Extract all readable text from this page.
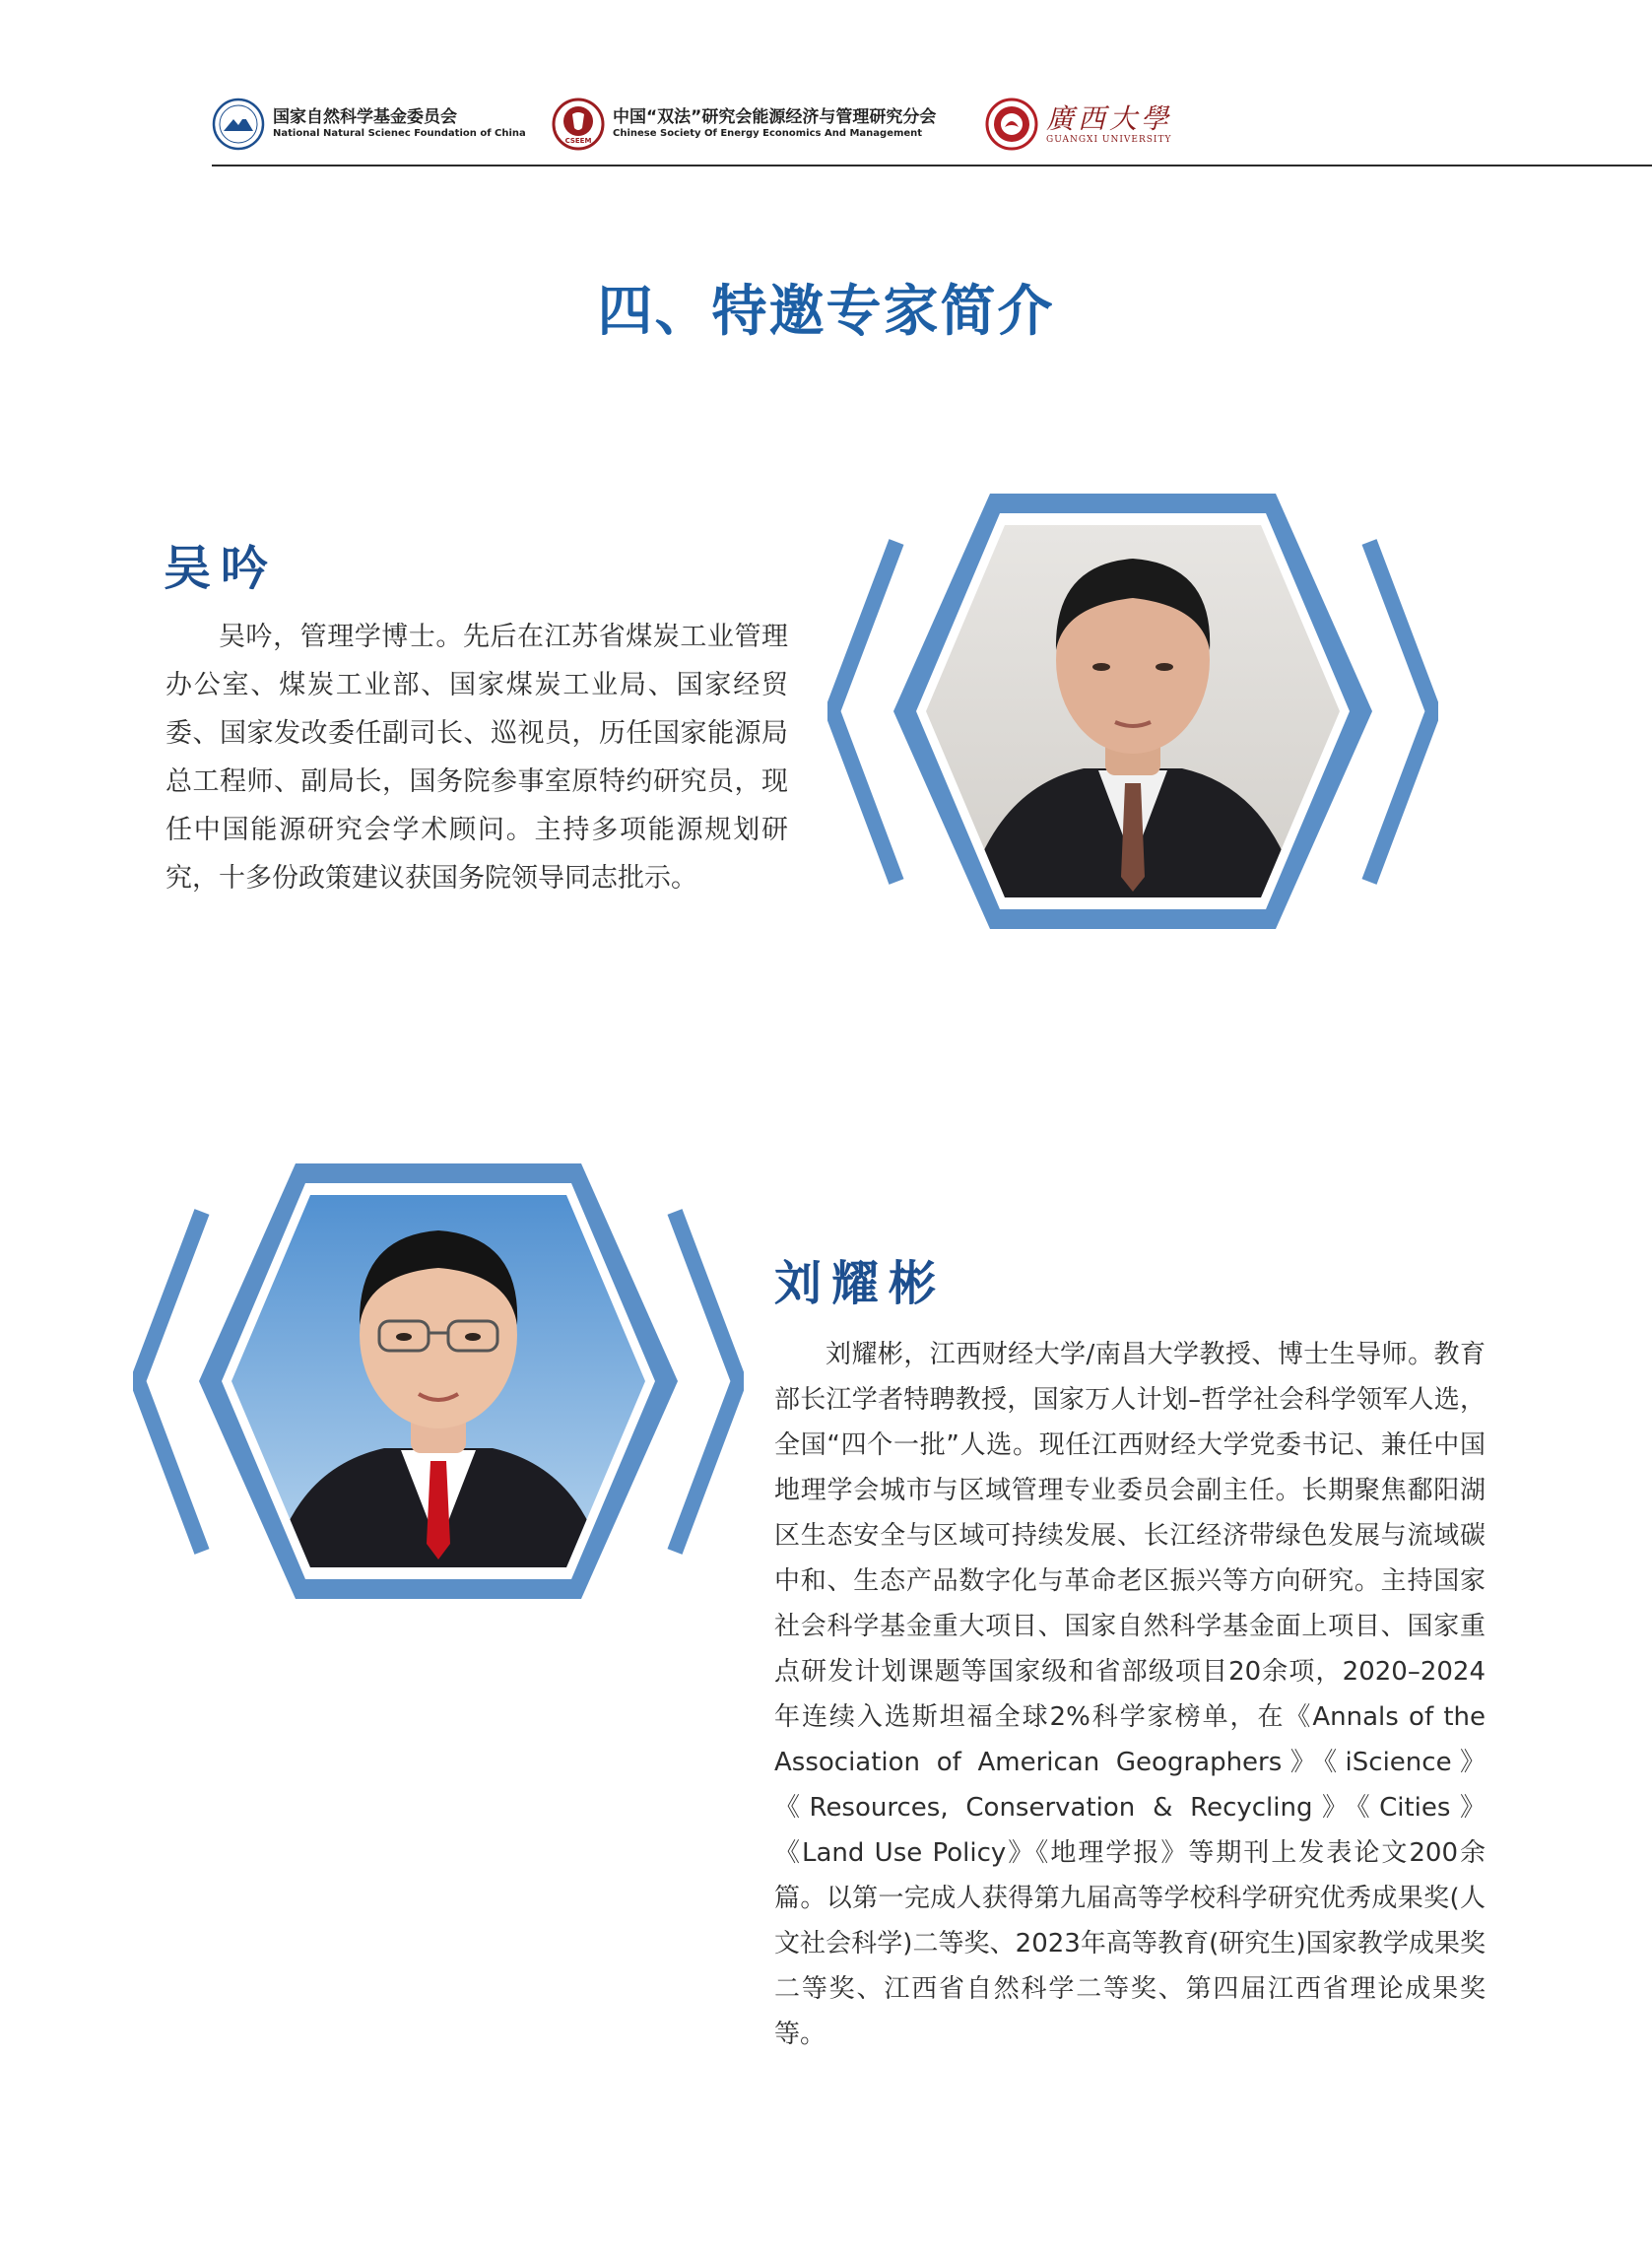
国家自然科学基金委员会
National Natural Scienec Foundation of China
CSEEM
中国“双法”研究会能源经济与管理研究分会
Chinese Society Of Energy Economics And Management	廣西大學
GUANGXI UNIVERSITY
四、特邀专家简介
吴吟

吴吟，管理学博士。先后在江苏省煤炭工业管理办公室、煤炭工业部、国家煤炭工业局、国家经贸委、国家发改委任副司长、巡视员，历任国家能源局总工程师、副局长，国务院参事室原特约研究员，现任中国能源研究会学术顾问。主持多项能源规划研究，十多份政策建议获国务院领导同志批示。

刘耀彬

刘耀彬，江西财经大学/南昌大学教授、博士生导师。教育部长江学者特聘教授，国家万人计划–哲学社会科学领军人选，全国“四个一批”人选。现任江西财经大学党委书记、兼任中国地理学会城市与区域管理专业委员会副主任。长期聚焦鄱阳湖区生态安全与区域可持续发展、长江经济带绿色发展与流域碳中和、生态产品数字化与革命老区振兴等方向研究。主持国家社会科学基金重大项目、国家自然科学基金面上项目、国家重点研发计划课题等国家级和省部级项目20余项，2020–2024年连续入选斯坦福全球2%科学家榜单，在《Annals of the Association of American Geographers》《iScience》《Resources, Conservation & Recycling》《Cities》《Land Use Policy》《地理学报》等期刊上发表论文200余篇。以第一完成人获得第九届高等学校科学研究优秀成果奖(人文社会科学)二等奖、2023年高等教育(研究生)国家教学成果奖二等奖、江西省自然科学二等奖、第四届江西省理论成果奖等。

32
